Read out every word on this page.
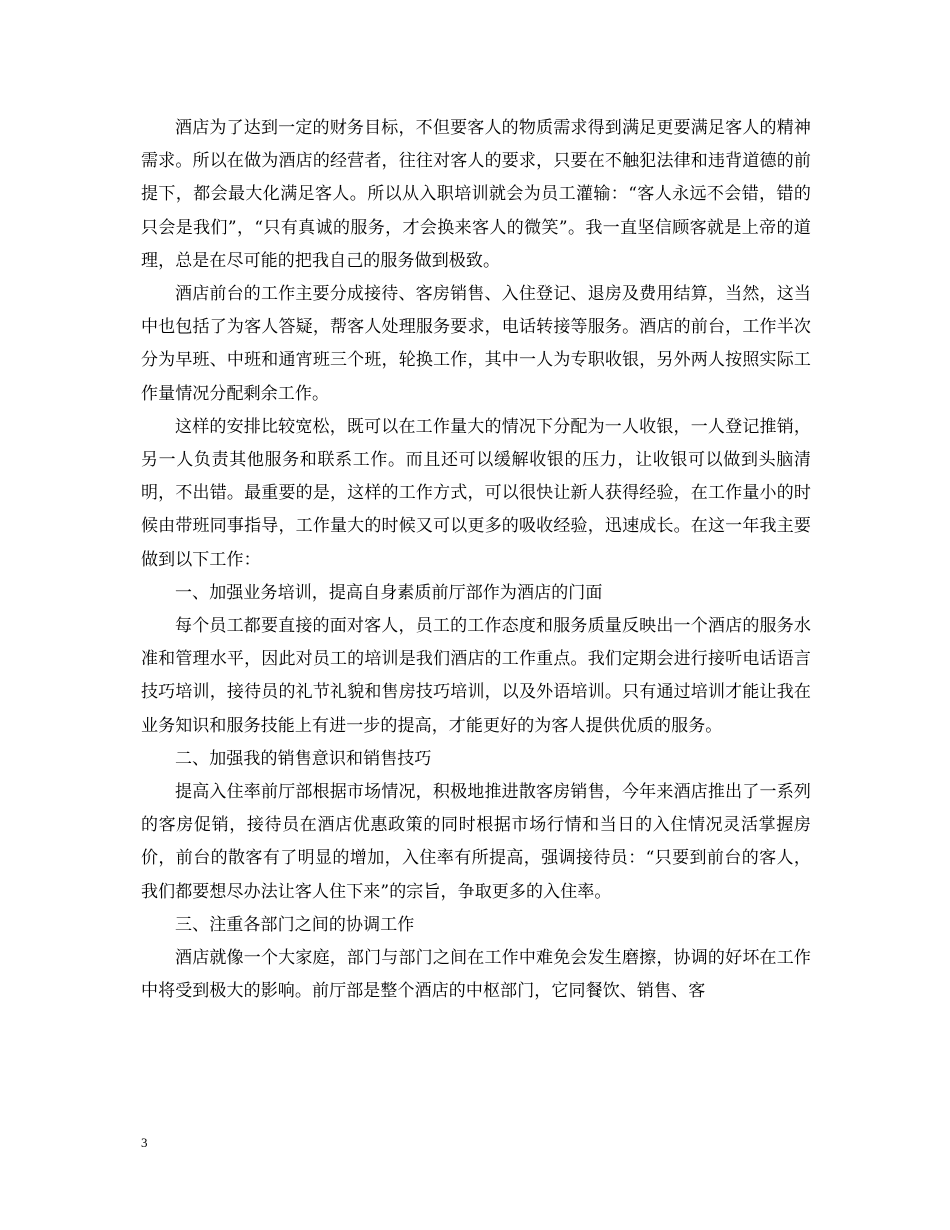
酒店为了达到一定的财务目标，不但要客人的物质需求得到满足更要满足客人的精神需求。所以在做为酒店的经营者，往往对客人的要求，只要在不触犯法律和违背道德的前提下，都会最大化满足客人。所以从入职培训就会为员工灌输：“客人永远不会错，错的只会是我们”，“只有真诚的服务，才会换来客人的微笑”。我一直坚信顾客就是上帝的道理，总是在尽可能的把我自己的服务做到极致。

酒店前台的工作主要分成接待、客房销售、入住登记、退房及费用结算，当然，这当中也包括了为客人答疑，帮客人处理服务要求，电话转接等服务。酒店的前台，工作半次分为早班、中班和通宵班三个班，轮换工作，其中一人为专职收银，另外两人按照实际工作量情况分配剩余工作。

这样的安排比较宽松，既可以在工作量大的情况下分配为一人收银，一人登记推销，另一人负责其他服务和联系工作。而且还可以缓解收银的压力，让收银可以做到头脑清明，不出错。最重要的是，这样的工作方式，可以很快让新人获得经验，在工作量小的时候由带班同事指导，工作量大的时候又可以更多的吸收经验，迅速成长。在这一年我主要做到以下工作：

一、加强业务培训，提高自身素质前厅部作为酒店的门面

每个员工都要直接的面对客人，员工的工作态度和服务质量反映出一个酒店的服务水准和管理水平，因此对员工的培训是我们酒店的工作重点。我们定期会进行接听电话语言技巧培训，接待员的礼节礼貌和售房技巧培训，以及外语培训。只有通过培训才能让我在业务知识和服务技能上有进一步的提高，才能更好的为客人提供优质的服务。

二、加强我的销售意识和销售技巧

提高入住率前厅部根据市场情况，积极地推进散客房销售，今年来酒店推出了一系列的客房促销，接待员在酒店优惠政策的同时根据市场行情和当日的入住情况灵活掌握房价，前台的散客有了明显的增加，入住率有所提高，强调接待员：“只要到前台的客人，我们都要想尽办法让客人住下来”的宗旨，争取更多的入住率。

三、注重各部门之间的协调工作

酒店就像一个大家庭，部门与部门之间在工作中难免会发生磨擦，协调的好坏在工作中将受到极大的影响。前厅部是整个酒店的中枢部门，它同餐饮、销售、客

3
